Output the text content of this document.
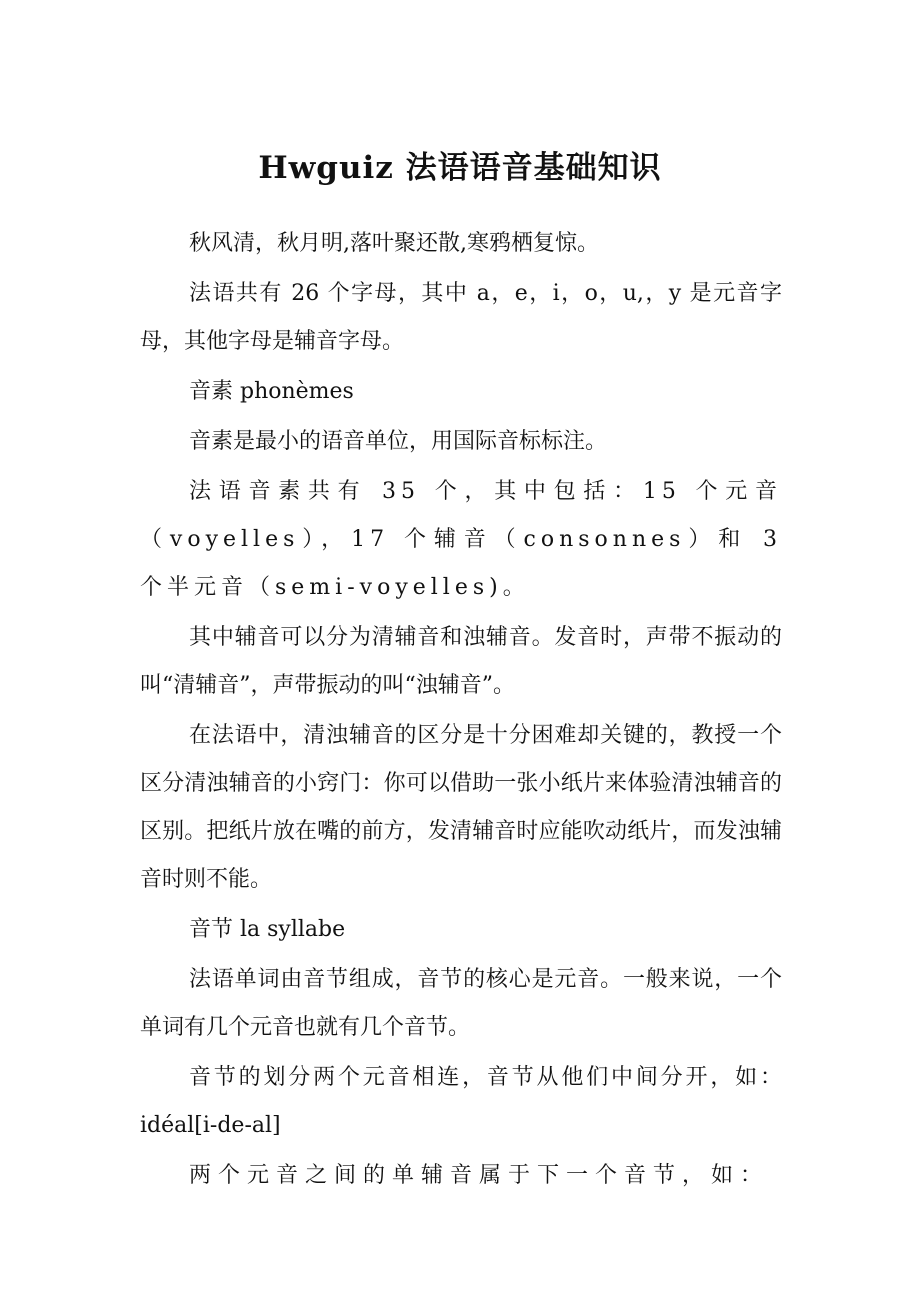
Hwguiz 法语语音基础知识

秋风清，秋月明,落叶聚还散,寒鸦栖复惊。

法语共有 26 个字母，其中 a，e，i，o，u,，y 是元音字母，其他字母是辅音字母。

音素 phonèmes

音素是最小的语音单位，用国际音标标注。

法语音素共有 35 个，其中包括：15 个元音（voyelles），17 个辅音（consonnes）和 3 个半元音（semi-voyelles)。

其中辅音可以分为清辅音和浊辅音。发音时，声带不振动的叫“清辅音”，声带振动的叫“浊辅音”。

在法语中，清浊辅音的区分是十分困难却关键的，教授一个区分清浊辅音的小窍门：你可以借助一张小纸片来体验清浊辅音的区别。把纸片放在嘴的前方，发清辅音时应能吹动纸片，而发浊辅音时则不能。

音节 la syllabe

法语单词由音节组成，音节的核心是元音。一般来说，一个单词有几个元音也就有几个音节。

音节的划分两个元音相连，音节从他们中间分开，如：idéal[i-de-al]

两个元音之间的单辅音属于下一个音节，如：
